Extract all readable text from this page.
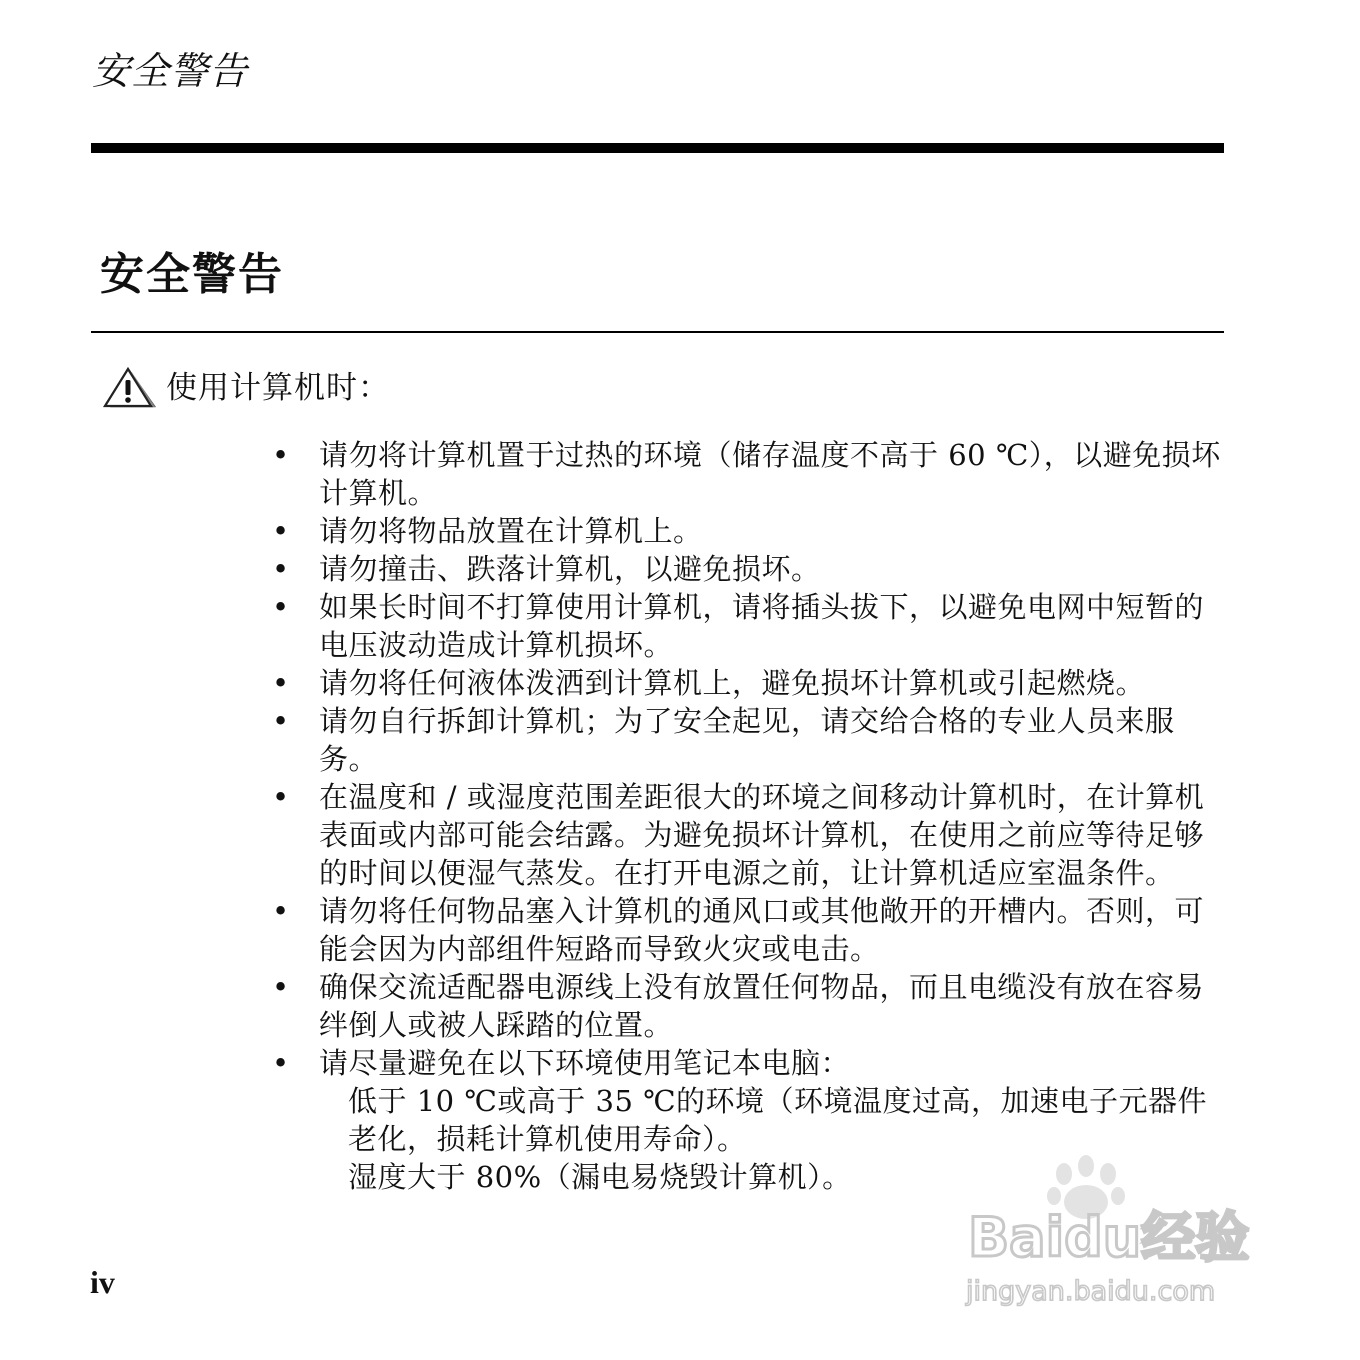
安全警告
安全警告
使用计算机时：
• 请勿将计算机置于过热的环境（储存温度不高于 60 ℃），以避免损坏计算机。
• 请勿将物品放置在计算机上。
• 请勿撞击、跌落计算机，以避免损坏。
• 如果长时间不打算使用计算机，请将插头拔下，以避免电网中短暂的电压波动造成计算机损坏。
• 请勿将任何液体泼洒到计算机上，避免损坏计算机或引起燃烧。
• 请勿自行拆卸计算机；为了安全起见，请交给合格的专业人员来服务。
• 在温度和 / 或湿度范围差距很大的环境之间移动计算机时，在计算机表面或内部可能会结露。为避免损坏计算机，在使用之前应等待足够的时间以便湿气蒸发。在打开电源之前，让计算机适应室温条件。
• 请勿将任何物品塞入计算机的通风口或其他敞开的开槽内。否则，可能会因为内部组件短路而导致火灾或电击。
• 确保交流适配器电源线上没有放置任何物品，而且电缆没有放在容易绊倒人或被人踩踏的位置。
• 请尽量避免在以下环境使用笔记本电脑：
低于 10 ℃或高于 35 ℃的环境（环境温度过高，加速电子元器件老化，损耗计算机使用寿命）。
湿度大于 80%（漏电易烧毁计算机）。
iv
Baidu经验
jingyan.baidu.com
